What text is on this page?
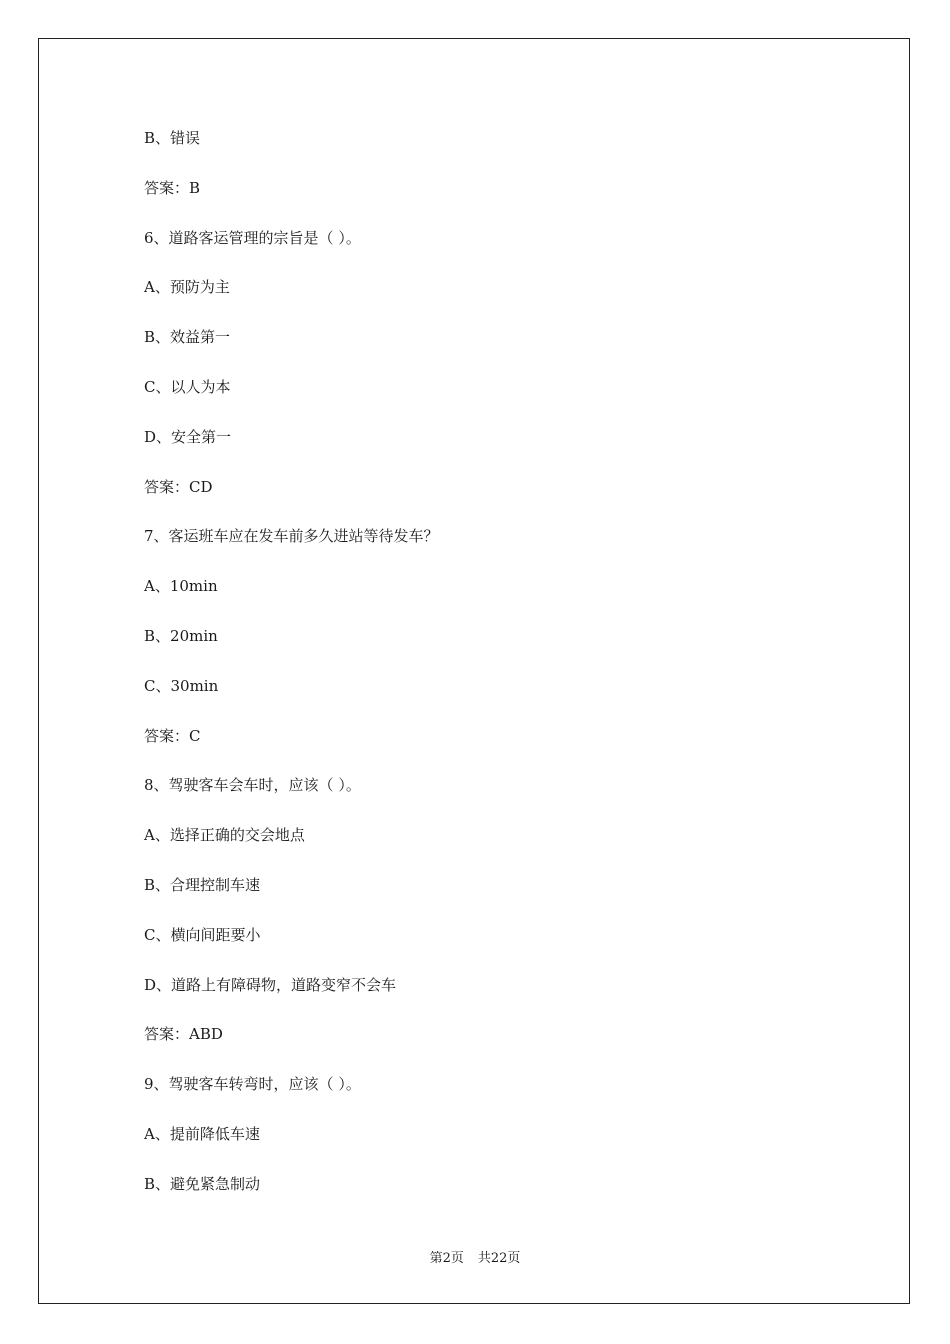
B、错误
答案：B
6、道路客运管理的宗旨是（ ）。
A、预防为主
B、效益第一
C、以人为本
D、安全第一
答案：CD
7、客运班车应在发车前多久进站等待发车？
A、10min
B、20min
C、30min
答案：C
8、驾驶客车会车时，应该（ ）。
A、选择正确的交会地点
B、合理控制车速
C、横向间距要小
D、道路上有障碍物，道路变窄不会车
答案：ABD
9、驾驶客车转弯时，应该（ ）。
A、提前降低车速
B、避免紧急制动
第2页 共22页
